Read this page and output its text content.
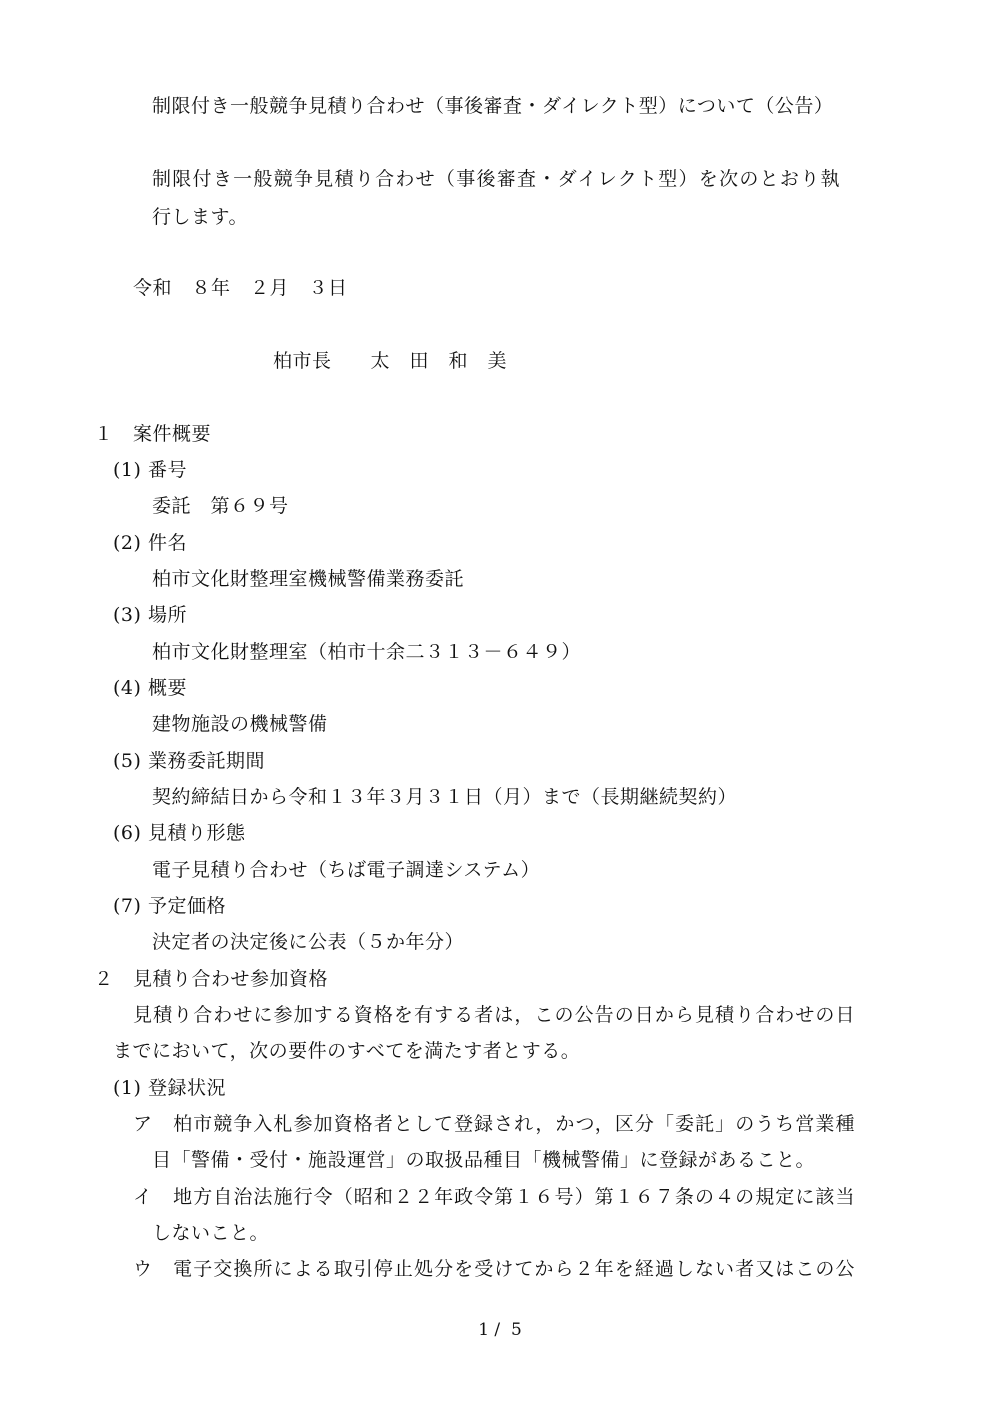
制限付き一般競争見積り合わせ（事後審査・ダイレクト型）について（公告）
制限付き一般競争見積り合わせ（事後審査・ダイレクト型）を次のとおり執
行します。
令和　８年　２月　３日
柏市長　　太　田　和　美
１　案件概要
(1) 番号
委託　第６９号
(2) 件名
柏市文化財整理室機械警備業務委託
(3) 場所
柏市文化財整理室（柏市十余二３１３－６４９）
(4) 概要
建物施設の機械警備
(5) 業務委託期間
契約締結日から令和１３年３月３１日（月）まで（長期継続契約）
(6) 見積り形態
電子見積り合わせ（ちば電子調達システム）
(7) 予定価格
決定者の決定後に公表（５か年分）
２　見積り合わせ参加資格
見積り合わせに参加する資格を有する者は，この公告の日から見積り合わせの日
までにおいて，次の要件のすべてを満たす者とする。
(1) 登録状況
ア　柏市競争入札参加資格者として登録され，かつ，区分「委託」のうち営業種
目「警備・受付・施設運営」の取扱品種目「機械警備」に登録があること。
イ　地方自治法施行令（昭和２２年政令第１６号）第１６７条の４の規定に該当
しないこと。
ウ　電子交換所による取引停止処分を受けてから２年を経過しない者又はこの公
1 /  5
